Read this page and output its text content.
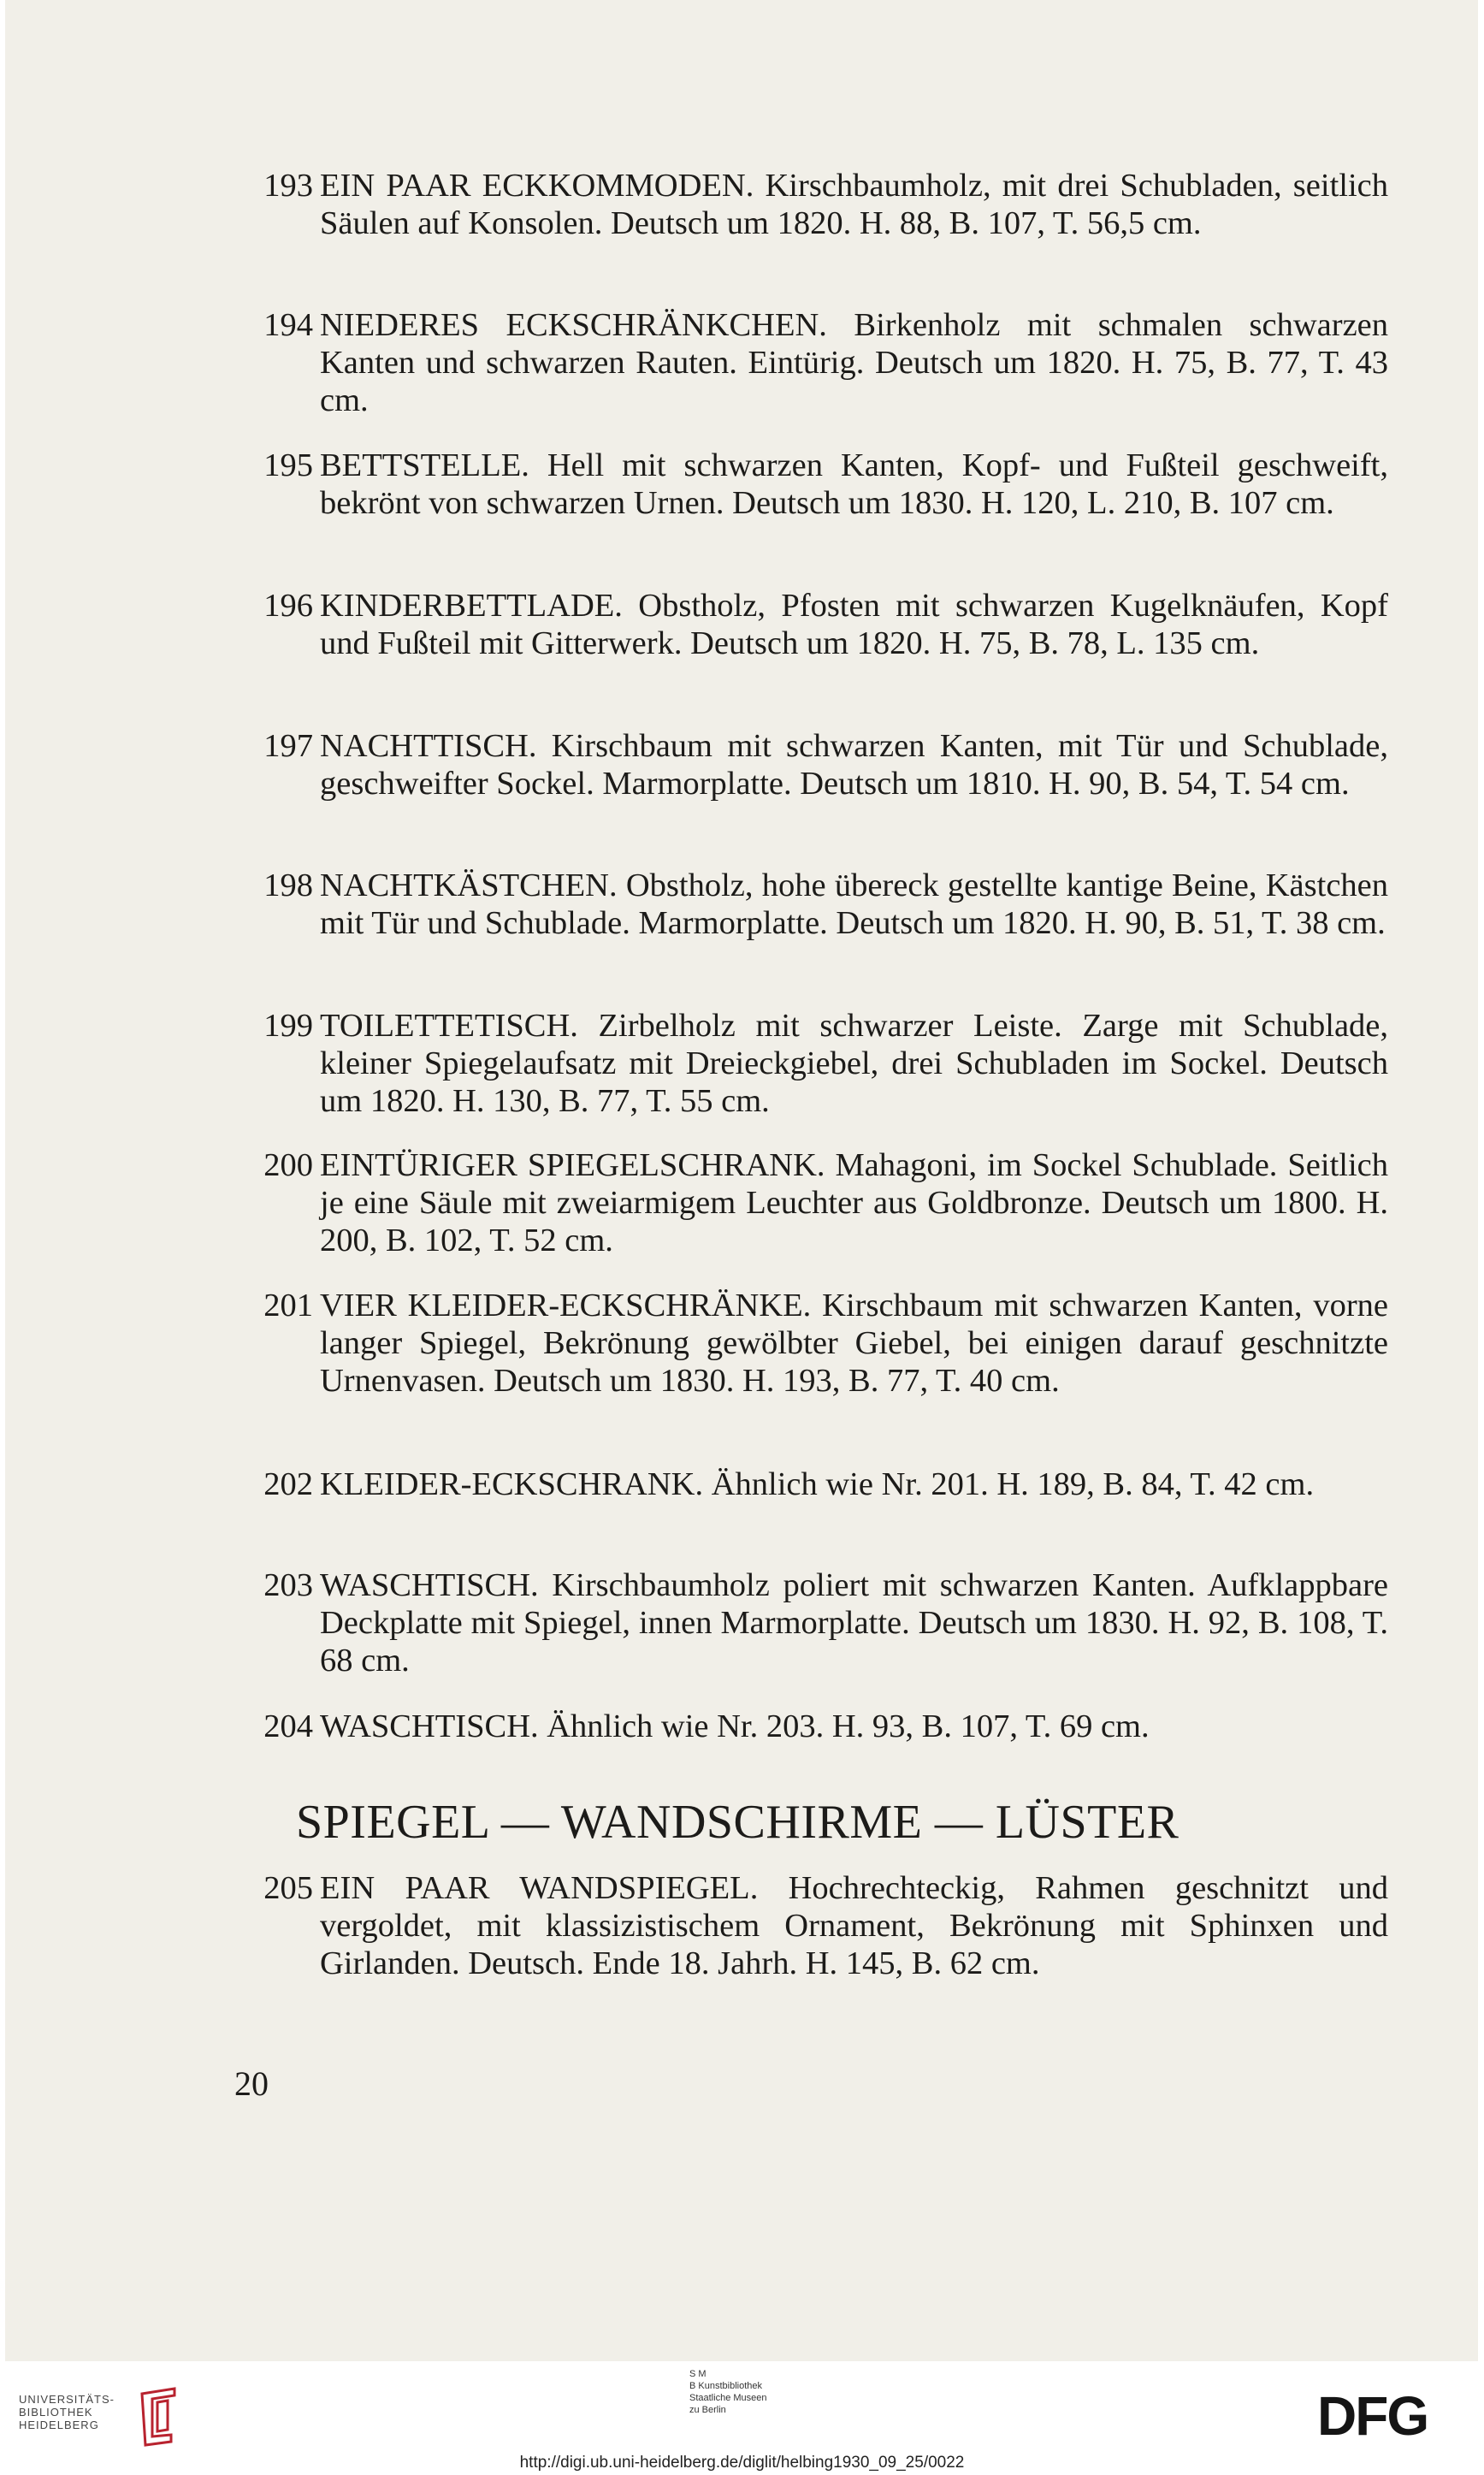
193 EIN PAAR ECKKOMMODEN. Kirschbaumholz, mit drei Schubladen, seitlich Säulen auf Konsolen. Deutsch um 1820. H. 88, B. 107, T. 56,5 cm.
194 NIEDERES ECKSCHRÄNKCHEN. Birkenholz mit schmalen schwarzen Kanten und schwarzen Rauten. Eintürig. Deutsch um 1820. H. 75, B. 77, T. 43 cm.
195 BETTSTELLE. Hell mit schwarzen Kanten, Kopf- und Fußteil geschweift, bekrönt von schwarzen Urnen. Deutsch um 1830. H. 120, L. 210, B. 107 cm.
196 KINDERBETTLADE. Obstholz, Pfosten mit schwarzen Kugelknäufen, Kopf und Fußteil mit Gitterwerk. Deutsch um 1820. H. 75, B. 78, L. 135 cm.
197 NACHTTISCH. Kirschbaum mit schwarzen Kanten, mit Tür und Schublade, geschweifter Sockel. Marmorplatte. Deutsch um 1810. H. 90, B. 54, T. 54 cm.
198 NACHTKÄSTCHEN. Obstholz, hohe übereck gestellte kantige Beine, Kästchen mit Tür und Schublade. Marmorplatte. Deutsch um 1820. H. 90, B. 51, T. 38 cm.
199 TOILETTETISCH. Zirbelholz mit schwarzer Leiste. Zarge mit Schublade, kleiner Spiegelaufsatz mit Dreieckgiebel, drei Schubladen im Sockel. Deutsch um 1820. H. 130, B. 77, T. 55 cm.
200 EINTÜRIGER SPIEGELSCHRANK. Mahagoni, im Sockel Schublade. Seitlich je eine Säule mit zweiarmigem Leuchter aus Goldbronze. Deutsch um 1800. H. 200, B. 102, T. 52 cm.
201 VIER KLEIDER-ECKSCHRÄNKE. Kirschbaum mit schwarzen Kanten, vorne langer Spiegel, Bekrönung gewölbter Giebel, bei einigen darauf geschnitzte Urnenvasen. Deutsch um 1830. H. 193, B. 77, T. 40 cm.
202 KLEIDER-ECKSCHRANK. Ähnlich wie Nr. 201. H. 189, B. 84, T. 42 cm.
203 WASCHTISCH. Kirschbaumholz poliert mit schwarzen Kanten. Aufklappbare Deckplatte mit Spiegel, innen Marmorplatte. Deutsch um 1830. H. 92, B. 108, T. 68 cm.
204 WASCHTISCH. Ähnlich wie Nr. 203. H. 93, B. 107, T. 69 cm.
SPIEGEL — WANDSCHIRME — LÜSTER
205 EIN PAAR WANDSPIEGEL. Hochrechteckig, Rahmen geschnitzt und vergoldet, mit klassizistischem Ornament, Bekrönung mit Sphinxen und Girlanden. Deutsch. Ende 18. Jahrh. H. 145, B. 62 cm.
20
UNIVERSITÄTS-
BIBLIOTHEK
HEIDELBERG
S M
B Kunstbibliothek
Staatliche Museen
zu Berlin	DFG
http://digi.ub.uni-heidelberg.de/diglit/helbing1930_09_25/0022
